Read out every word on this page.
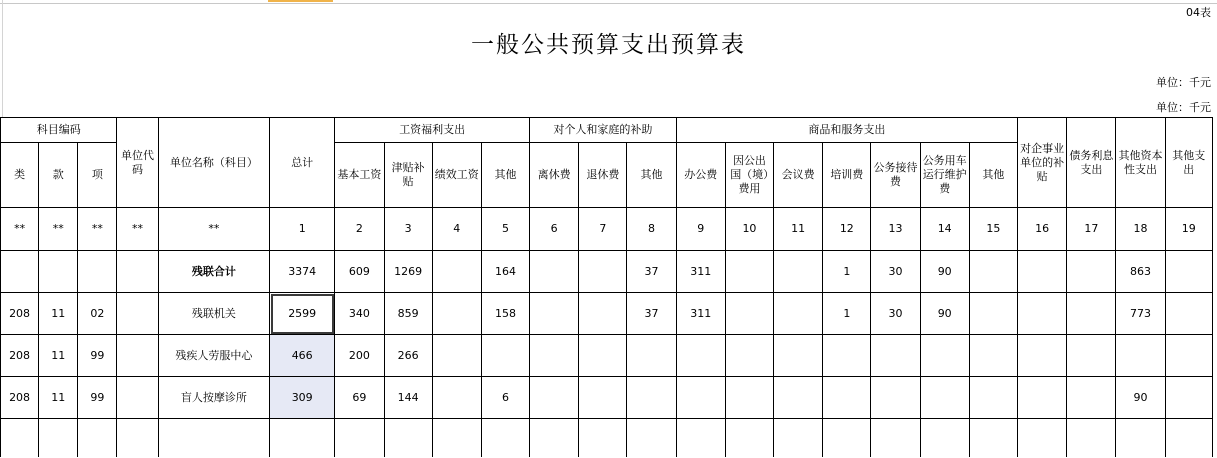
04表
一般公共预算支出预算表
单位：千元
单位：千元
科目编码			单位代码	单位名称（科目）	总计	工资福利支出				对个人和家庭的补助			商品和服务支出							对企事业单位的补贴	债务利息支出	其他资本性支出	其他支出
类	款	项				基本工资	津贴补贴	绩效工资	其他	离休费	退休费	其他	办公费	因公出国（境）费用	会议费	培训费	公务接待费	公务用车运行维护费	其他				
**	**	**	**	**	1	2	3	4	5	6	7	8	9	10	11	12	13	14	15	16	17	18	19
				残联合计	3374	609	1269		164			37	311			1	30	90				863	
208	11	02		残联机关	2599	340	859		158			37	311			1	30	90				773	
208	11	99		残疾人劳服中心	466	200	266																
208	11	99		盲人按摩诊所	309	69	144		6													90	
